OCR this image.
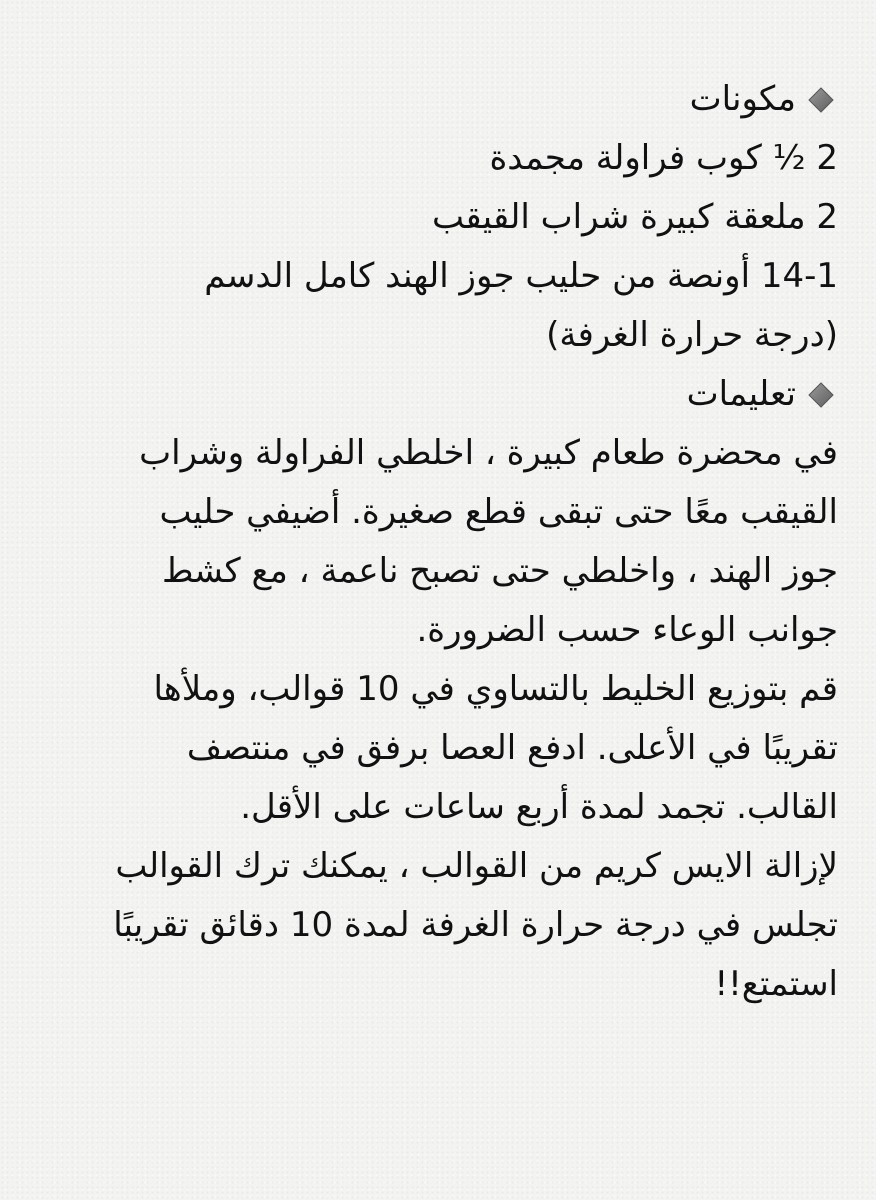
مكونات
2 ½ كوب فراولة مجمدة
2 ملعقة كبيرة شراب القيقب
14-1 أونصة من حليب جوز الهند كامل الدسم
(درجة حرارة الغرفة)
تعليمات
في محضرة طعام كبيرة ، اخلطي الفراولة وشراب
القيقب معًا حتى تبقى قطع صغيرة. أضيفي حليب
جوز الهند ، واخلطي حتى تصبح ناعمة ، مع كشط
جوانب الوعاء حسب الضرورة.
قم بتوزيع الخليط بالتساوي في 10 قوالب، وملأها
تقريبًا في الأعلى. ادفع العصا برفق في منتصف
القالب. تجمد لمدة أربع ساعات على الأقل.
لإزالة الايس كريم من القوالب ، يمكنك ترك القوالب
تجلس في درجة حرارة الغرفة لمدة 10 دقائق تقريبًا
استمتع!!
